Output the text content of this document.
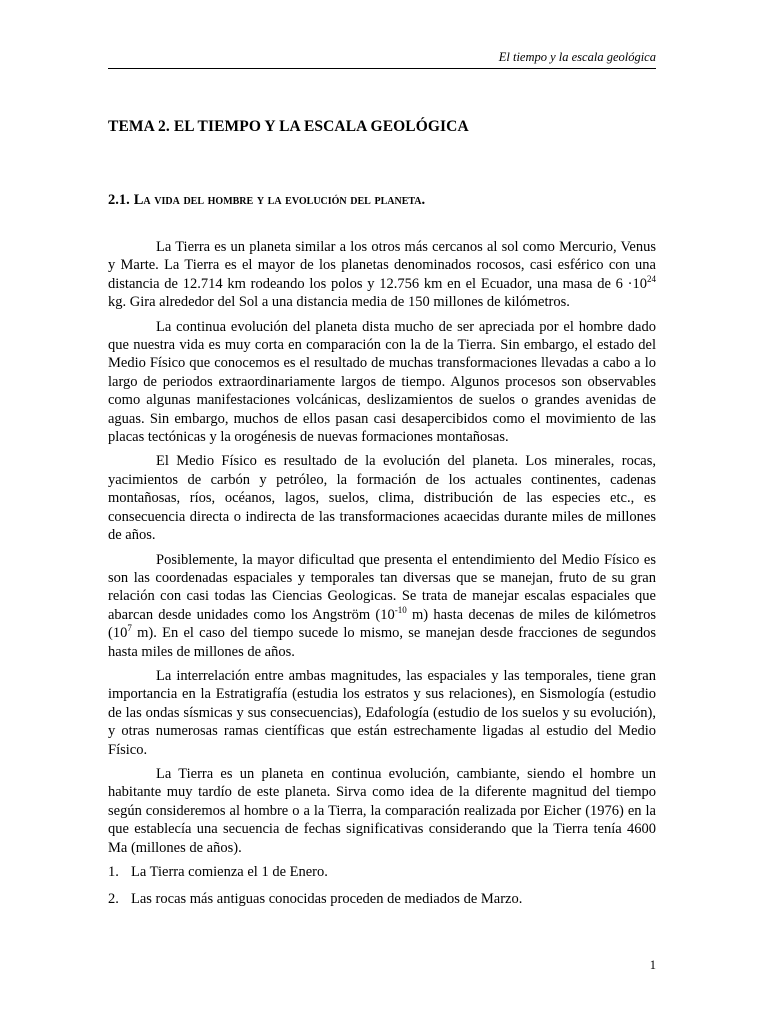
El tiempo y la escala geológica
TEMA 2. EL TIEMPO Y LA ESCALA GEOLÓGICA
2.1. La vida del hombre y la evolución del planeta.

La Tierra es un planeta similar a los otros más cercanos al sol como Mercurio, Venus y Marte. La Tierra es el mayor de los planetas denominados rocosos, casi esférico con una distancia de 12.714 km rodeando los polos y 12.756 km en el Ecuador, una masa de $6 \cdot 10^{24}$ kg. Gira alrededor del Sol a una distancia media de 150 millones de kilómetros.

La continua evolución del planeta dista mucho de ser apreciada por el hombre dado que nuestra vida es muy corta en comparación con la de la Tierra. Sin embargo, el estado del Medio Físico que conocemos es el resultado de muchas transformaciones llevadas a cabo a lo largo de periodos extraordinariamente largos de tiempo. Algunos procesos son observables como algunas manifestaciones volcánicas, deslizamientos de suelos o grandes avenidas de aguas. Sin embargo, muchos de ellos pasan casi desapercibidos como el movimiento de las placas tectónicas y la orogénesis de nuevas formaciones montañosas.

El Medio Físico es resultado de la evolución del planeta. Los minerales, rocas, yacimientos de carbón y petróleo, la formación de los actuales continentes, cadenas montañosas, ríos, océanos, lagos, suelos, clima, distribución de las especies etc., es consecuencia directa o indirecta de las transformaciones acaecidas durante miles de millones de años.

Posiblemente, la mayor dificultad que presenta el entendimiento del Medio Físico es son las coordenadas espaciales y temporales tan diversas que se manejan, fruto de su gran relación con casi todas las Ciencias Geologicas. Se trata de manejar escalas espaciales que abarcan desde unidades como los Angström ($10^{-10}$ m) hasta decenas de miles de kilómetros ($10^7$ m). En el caso del tiempo sucede lo mismo, se manejan desde fracciones de segundos hasta miles de millones de años.

La interrelación entre ambas magnitudes, las espaciales y las temporales, tiene gran importancia en la Estratigrafía (estudia los estratos y sus relaciones), en Sismología (estudio de las ondas sísmicas y sus consecuencias), Edafología (estudio de los suelos y su evolución), y otras numerosas ramas científicas que están estrechamente ligadas al estudio del Medio Físico.

La Tierra es un planeta en continua evolución, cambiante, siendo el hombre un habitante muy tardío de este planeta. Sirva como idea de la diferente magnitud del tiempo según consideremos al hombre o a la Tierra, la comparación realizada por Eicher (1976) en la que establecía una secuencia de fechas significativas considerando que la Tierra tenía 4600 Ma (millones de años).

1. La Tierra comienza el 1 de Enero.
2. Las rocas más antiguas conocidas proceden de mediados de Marzo.
1
